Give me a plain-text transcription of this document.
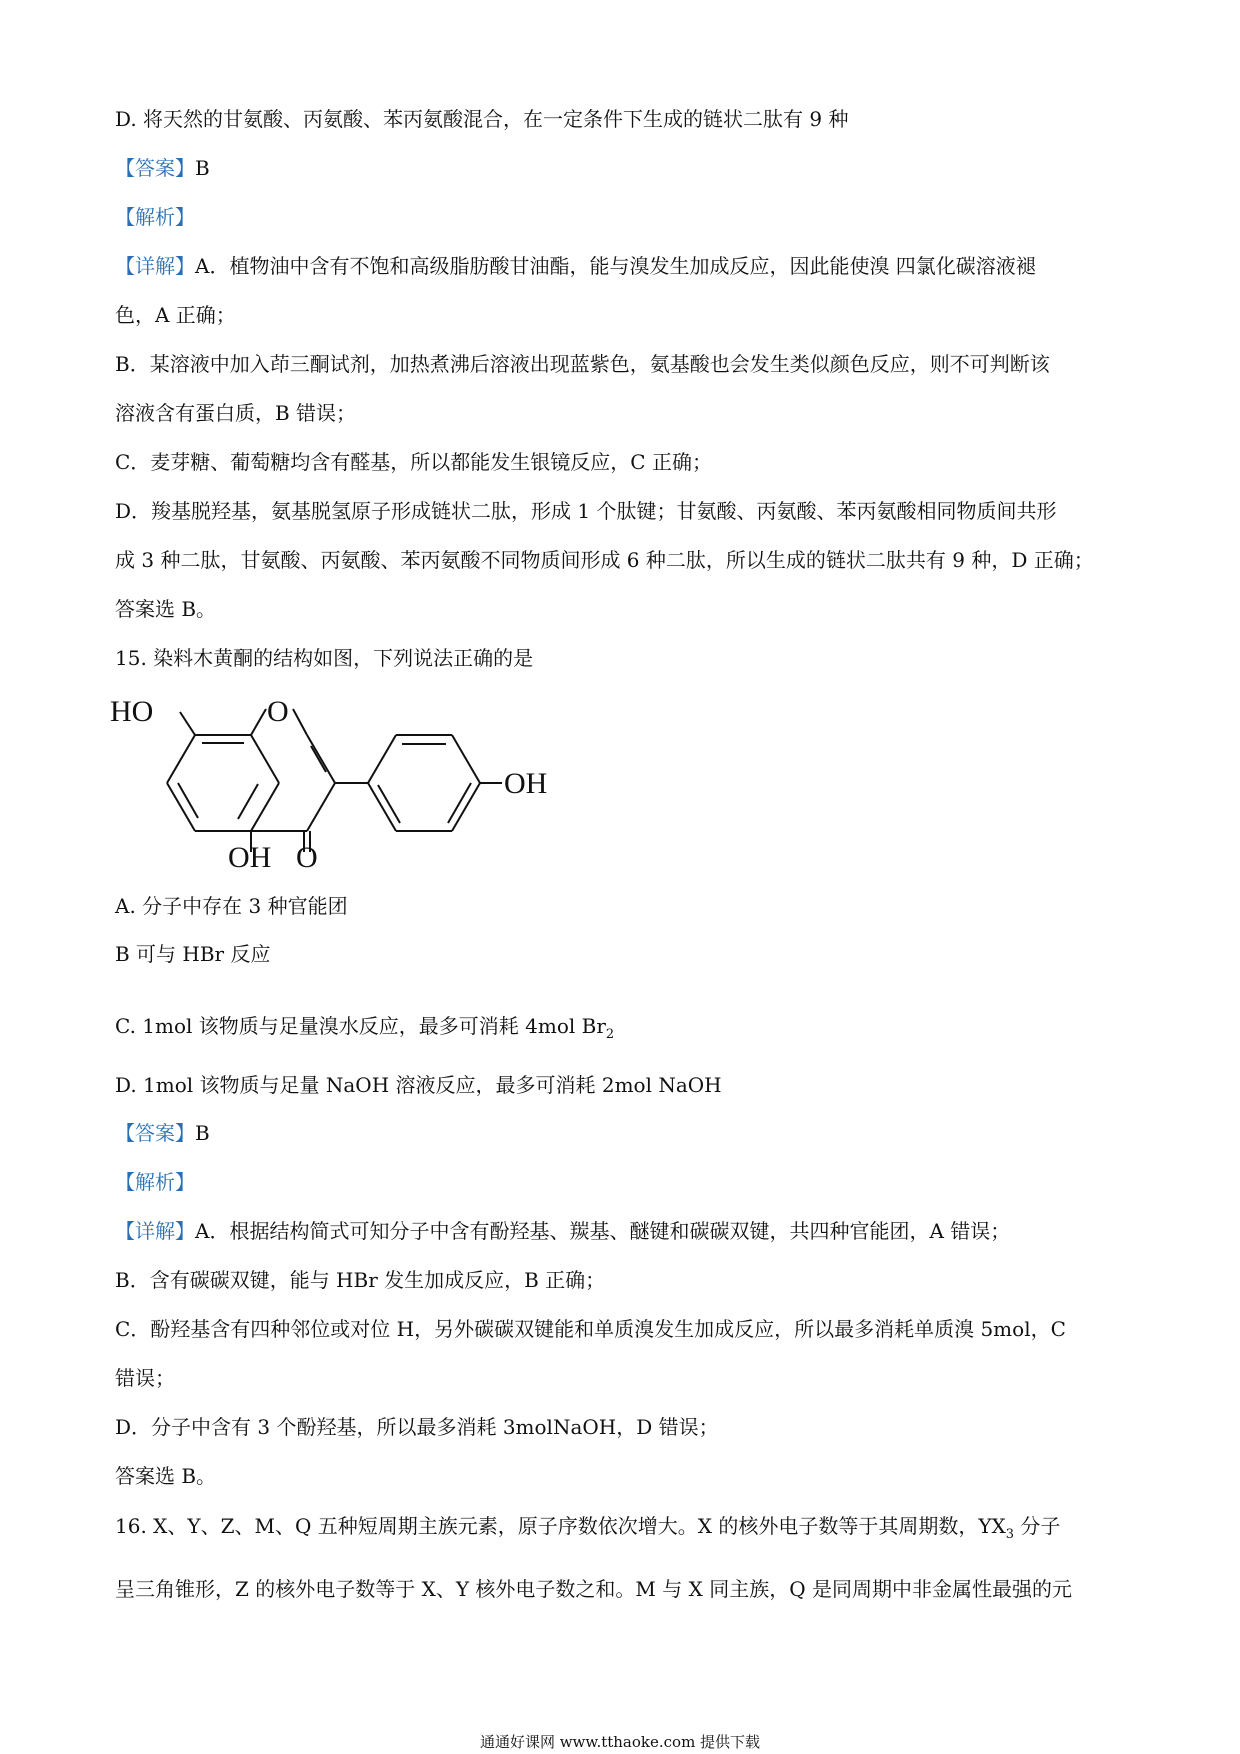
D. 将天然的甘氨酸、丙氨酸、苯丙氨酸混合，在一定条件下生成的链状二肽有 9 种
【答案】B
【解析】
【详解】A．植物油中含有不饱和高级脂肪酸甘油酯，能与溴发生加成反应，因此能使溴 四氯化碳溶液褪
色，A 正确；
B．某溶液中加入茚三酮试剂，加热煮沸后溶液出现蓝紫色，氨基酸也会发生类似颜色反应，则不可判断该
溶液含有蛋白质，B 错误；
C．麦芽糖、葡萄糖均含有醛基，所以都能发生银镜反应，C 正确；
D．羧基脱羟基，氨基脱氢原子形成链状二肽，形成 1 个肽键；甘氨酸、丙氨酸、苯丙氨酸相同物质间共形
成 3 种二肽，甘氨酸、丙氨酸、苯丙氨酸不同物质间形成 6 种二肽，所以生成的链状二肽共有 9 种，D 正确；
答案选 B。
15. 染料木黄酮的结构如图，下列说法正确的是
HO	O
OH O
OH
A. 分子中存在 3 种官能团
B 可与 HBr 反应
C. 1mol 该物质与足量溴水反应，最多可消耗 4mol $Br_2$
D. 1mol 该物质与足量 NaOH 溶液反应，最多可消耗 2mol NaOH
【答案】B
【解析】
【详解】A．根据结构简式可知分子中含有酚羟基、羰基、醚键和碳碳双键，共四种官能团，A 错误；
B．含有碳碳双键，能与 HBr 发生加成反应，B 正确；
C．酚羟基含有四种邻位或对位 H，另外碳碳双键能和单质溴发生加成反应，所以最多消耗单质溴 5mol，C
错误；
D．分子中含有 3 个酚羟基，所以最多消耗 3molNaOH，D 错误；
答案选 B。
16. X、Y、Z、M、Q 五种短周期主族元素，原子序数依次增大。X 的核外电子数等于其周期数，$YX_3$ 分子
呈三角锥形，Z 的核外电子数等于 X、Y 核外电子数之和。M 与 X 同主族，Q 是同周期中非金属性最强的元
通通好课网 www.tthaoke.com 提供下载
